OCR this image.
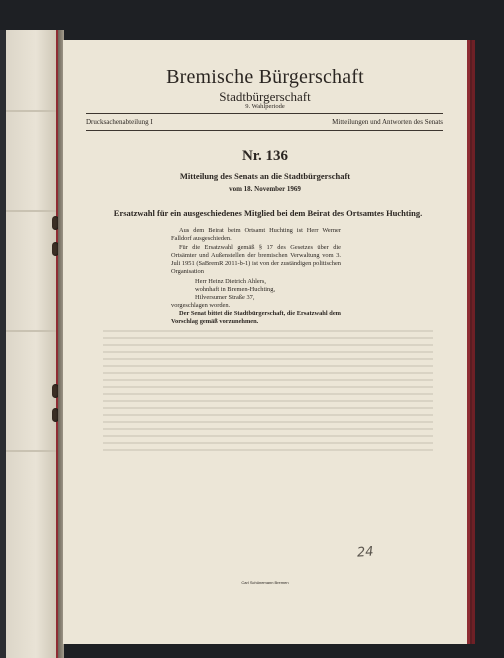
Bremische Bürgerschaft
Stadtbürgerschaft
9. Wahlperiode
Drucksachenabteilung I	Mitteilungen und Antworten des Senats
Nr. 136
Mitteilung des Senats an die Stadtbürgerschaft
vom 18. November 1969
Ersatzwahl für ein ausgeschiedenes Mitglied bei dem Beirat des Ortsamtes Huchting.

Aus dem Beirat beim Ortsamt Huchting ist Herr Werner Falldorf ausgeschieden.

Für die Ersatzwahl gemäß § 17 des Gesetzes über die Ortsämter und Außenstellen der bremischen Verwaltung vom 3. Juli 1951 (SaBremR 2011-b-1) ist von der zuständigen politischen Organisation

Herr Heinz Dietrich Ahlers,
wohnhaft in Bremen-Huchting,
Hilversumer Straße 37,
vorgeschlagen worden.

Der Senat bittet die Stadtbürgerschaft, die Ersatzwahl dem Vorschlag gemäß vorzunehmen.

24
Carl Schünemann Bremen
